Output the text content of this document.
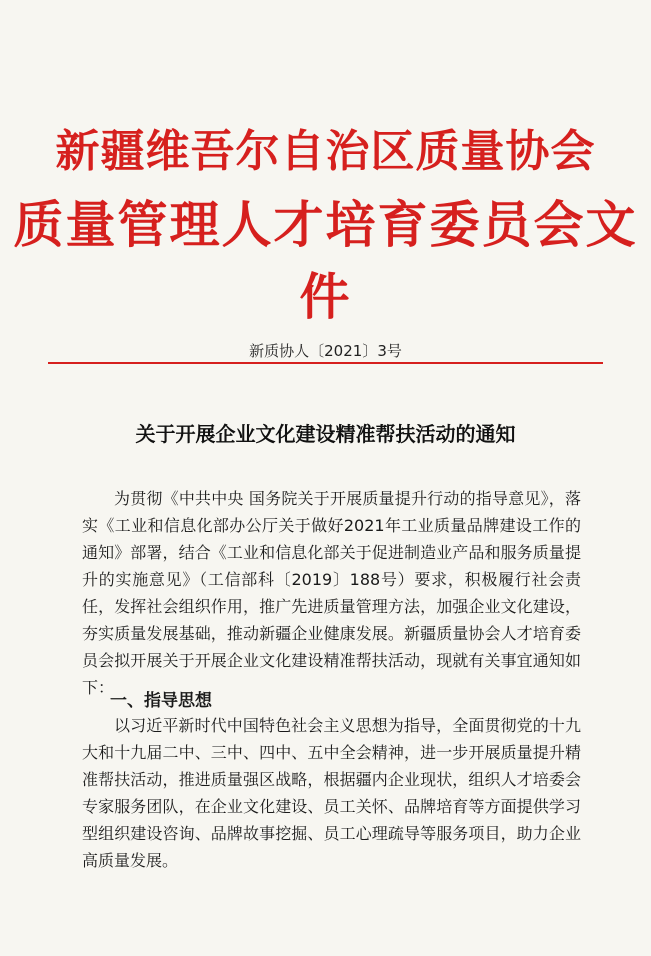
新疆维吾尔自治区质量协会
质量管理人才培育委员会文件
新质协人〔2021〕3号
关于开展企业文化建设精准帮扶活动的通知
为贯彻《中共中央 国务院关于开展质量提升行动的指导意见》，落实《工业和信息化部办公厅关于做好2021年工业质量品牌建设工作的通知》部署，结合《工业和信息化部关于促进制造业产品和服务质量提升的实施意见》（工信部科〔2019〕188号）要求，积极履行社会责任，发挥社会组织作用，推广先进质量管理方法，加强企业文化建设，夯实质量发展基础，推动新疆企业健康发展。新疆质量协会人才培育委员会拟开展关于开展企业文化建设精准帮扶活动，现就有关事宜通知如下：
一、指导思想
以习近平新时代中国特色社会主义思想为指导，全面贯彻党的十九大和十九届二中、三中、四中、五中全会精神，进一步开展质量提升精准帮扶活动，推进质量强区战略，根据疆内企业现状，组织人才培委会专家服务团队，在企业文化建设、员工关怀、品牌培育等方面提供学习型组织建设咨询、品牌故事挖掘、员工心理疏导等服务项目，助力企业高质量发展。
